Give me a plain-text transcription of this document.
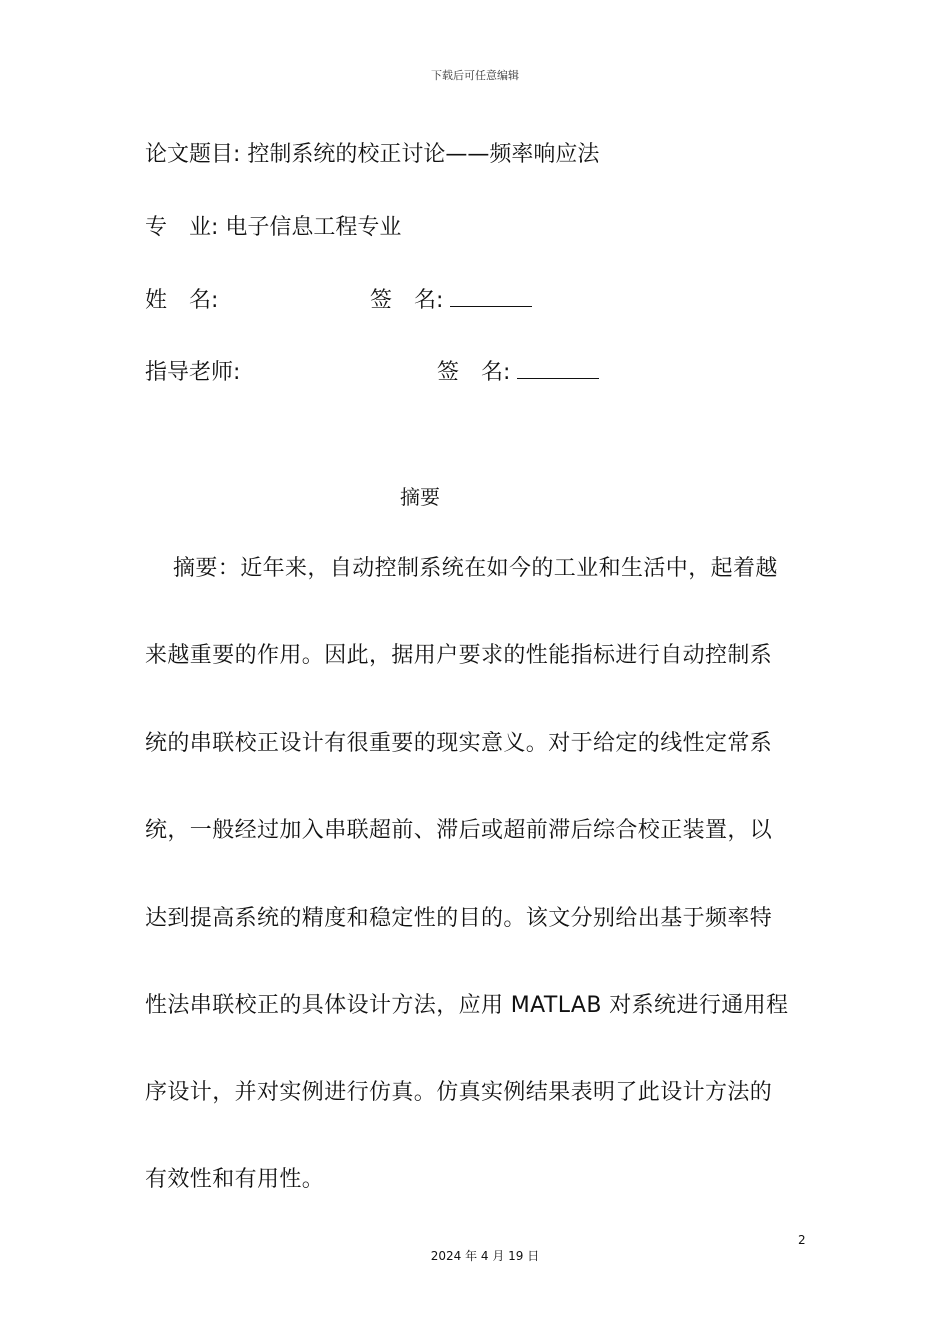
下载后可任意编辑
论文题目: 控制系统的校正讨论——频率响应法
专　业: 电子信息工程专业
姓　名:	签　名:
指导老师:	签　名:
摘要
摘要：近年来，自动控制系统在如今的工业和生活中，起着越
来越重要的作用。因此，据用户要求的性能指标进行自动控制系
统的串联校正设计有很重要的现实意义。对于给定的线性定常系
统，一般经过加入串联超前、滞后或超前滞后综合校正装置，以
达到提高系统的精度和稳定性的目的。该文分别给出基于频率特
性法串联校正的具体设计方法，应用 MATLAB 对系统进行通用程
序设计，并对实例进行仿真。仿真实例结果表明了此设计方法的
有效性和有用性。
2
2024 年 4 月 19 日
